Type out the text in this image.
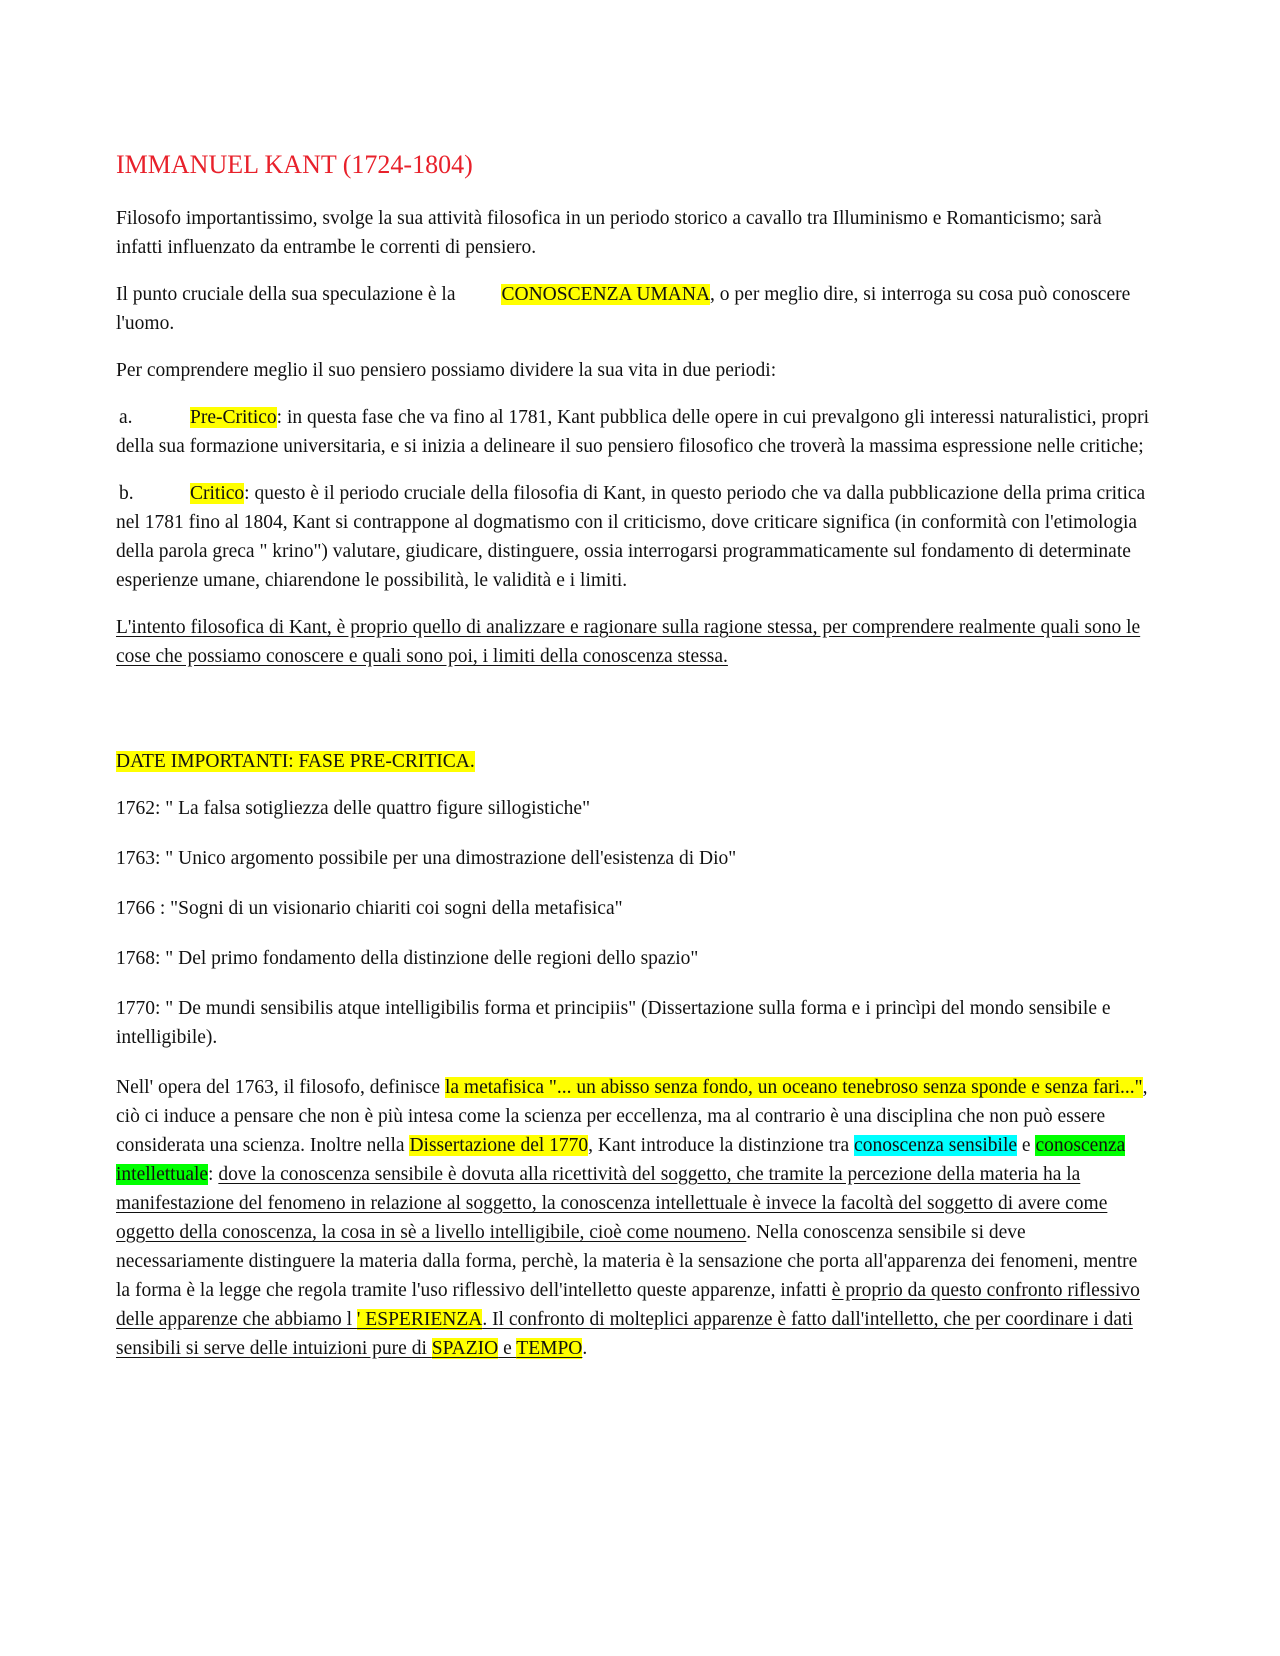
IMMANUEL KANT (1724-1804)

Filosofo importantissimo, svolge la sua attività filosofica in un periodo storico a cavallo tra Illuminismo e Romanticismo; sarà infatti influenzato da entrambe le correnti di pensiero.

Il punto cruciale della sua speculazione è la CONOSCENZA UMANA, o per meglio dire, si interroga su cosa può conoscere l'uomo.

Per comprendere meglio il suo pensiero possiamo dividere la sua vita in due periodi:

a.	Pre-Critico: in questa fase che va fino al 1781, Kant pubblica delle opere in cui prevalgono gli interessi naturalistici, propri della sua formazione universitaria, e si inizia a delineare il suo pensiero filosofico che troverà la massima espressione nelle critiche;

b.	Critico: questo è il periodo cruciale della filosofia di Kant, in questo periodo che va dalla pubblicazione della prima critica nel 1781 fino al 1804, Kant si contrappone al dogmatismo con il criticismo, dove criticare significa (in conformità con l'etimologia della parola greca " krino") valutare, giudicare, distinguere, ossia interrogarsi programmaticamente sul fondamento di determinate esperienze umane, chiarendone le possibilità, le validità e i limiti.

L'intento filosofica di Kant, è proprio quello di analizzare e ragionare sulla ragione stessa, per comprendere realmente quali sono le cose che possiamo conoscere e quali sono poi, i limiti della conoscenza stessa.

DATE IMPORTANTI: FASE PRE-CRITICA.

1762: " La falsa sotigliezza delle quattro figure sillogistiche"

1763: " Unico argomento possibile per una dimostrazione dell'esistenza di Dio"

1766 : "Sogni di un visionario chiariti coi sogni della metafisica"

1768: " Del primo fondamento della distinzione delle regioni dello spazio"

1770: " De mundi sensibilis atque intelligibilis forma et principiis" (Dissertazione sulla forma e i princìpi del mondo sensibile e intelligibile).

Nell' opera del 1763, il filosofo, definisce la metafisica "... un abisso senza fondo, un oceano tenebroso senza sponde e senza fari...", ciò ci induce a pensare che non è più intesa come la scienza per eccellenza, ma al contrario è una disciplina che non può essere considerata una scienza. Inoltre nella Dissertazione del 1770, Kant introduce la distinzione tra conoscenza sensibile e conoscenza intellettuale: dove la conoscenza sensibile è dovuta alla ricettività del soggetto, che tramite la percezione della materia ha la manifestazione del fenomeno in relazione al soggetto, la conoscenza intellettuale è invece la facoltà del soggetto di avere come oggetto della conoscenza, la cosa in sè a livello intelligibile, cioè come noumeno. Nella conoscenza sensibile si deve necessariamente distinguere la materia dalla forma, perchè, la materia è la sensazione che porta all'apparenza dei fenomeni, mentre la forma è la legge che regola tramite l'uso riflessivo dell'intelletto queste apparenze, infatti è proprio da questo confronto riflessivo delle apparenze che abbiamo l ' ESPERIENZA. Il confronto di molteplici apparenze è fatto dall'intelletto, che per coordinare i dati sensibili si serve delle intuizioni pure di SPAZIO e TEMPO.
